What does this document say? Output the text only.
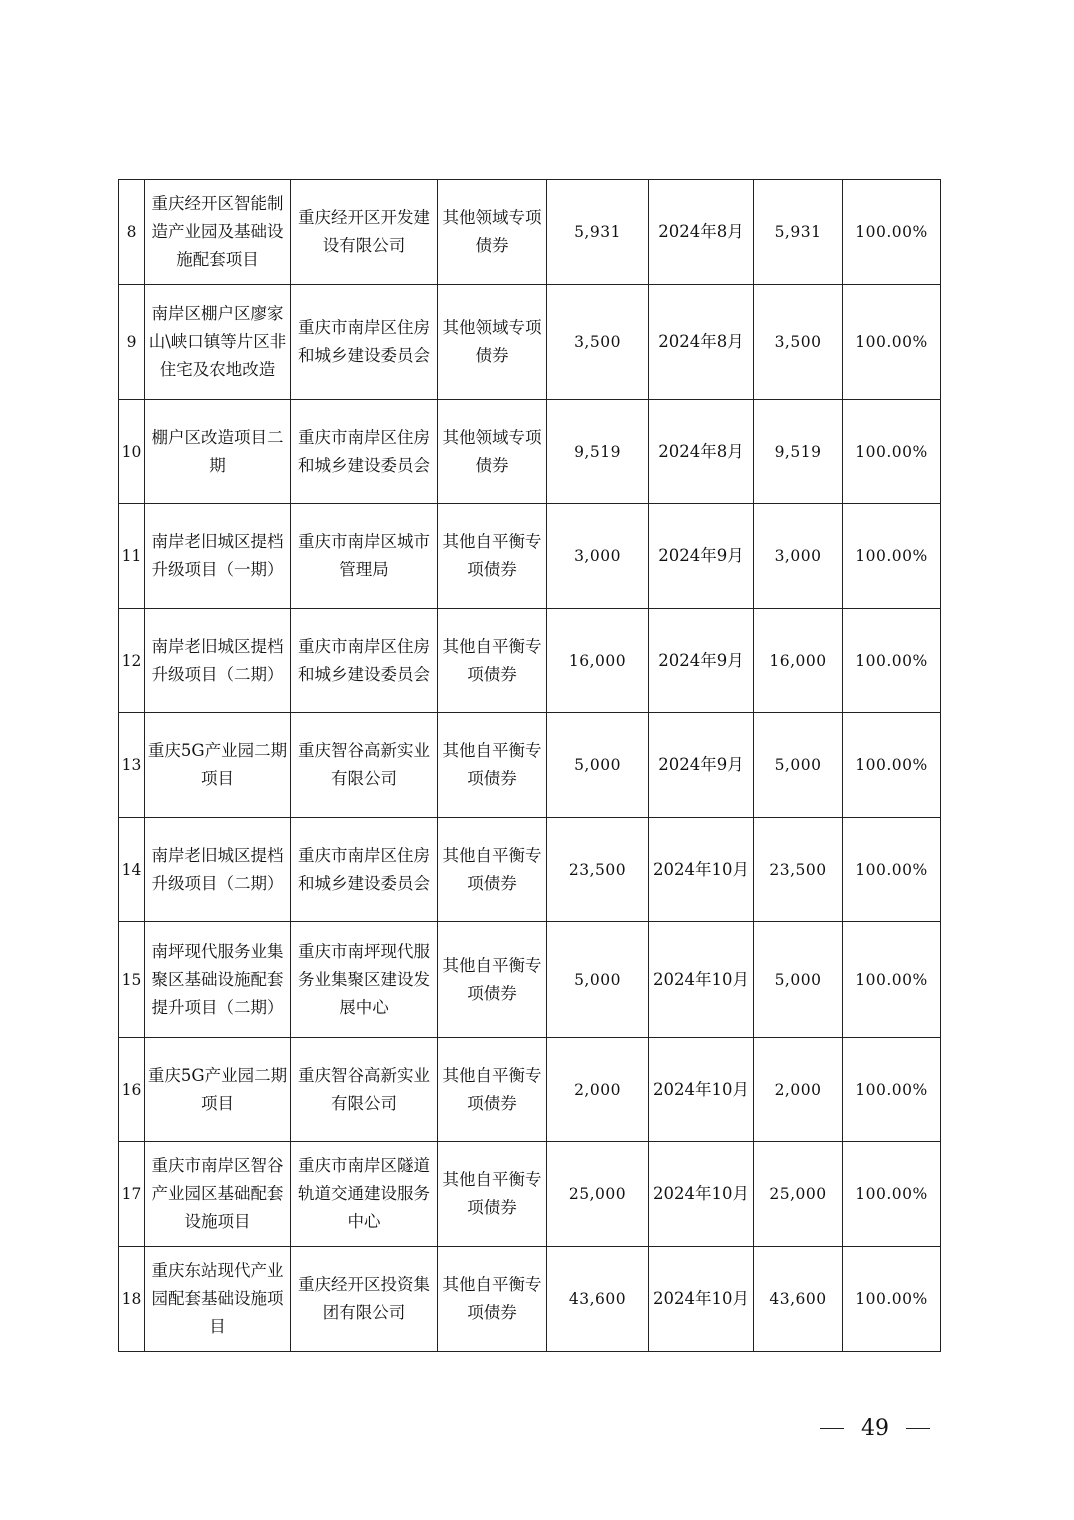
8	重庆经开区智能制造产业园及基础设施配套项目	重庆经开区开发建设有限公司	其他领域专项债券	5,931	2024年8月	5,931	100.00%
9	南岸区棚户区廖家山\峡口镇等片区非住宅及农地改造	重庆市南岸区住房和城乡建设委员会	其他领域专项债券	3,500	2024年8月	3,500	100.00%
10	棚户区改造项目二期	重庆市南岸区住房和城乡建设委员会	其他领域专项债券	9,519	2024年8月	9,519	100.00%
11	南岸老旧城区提档升级项目（一期）	重庆市南岸区城市管理局	其他自平衡专项债券	3,000	2024年9月	3,000	100.00%
12	南岸老旧城区提档升级项目（二期）	重庆市南岸区住房和城乡建设委员会	其他自平衡专项债券	16,000	2024年9月	16,000	100.00%
13	重庆5G产业园二期项目	重庆智谷高新实业有限公司	其他自平衡专项债券	5,000	2024年9月	5,000	100.00%
14	南岸老旧城区提档升级项目（二期）	重庆市南岸区住房和城乡建设委员会	其他自平衡专项债券	23,500	2024年10月	23,500	100.00%
15	南坪现代服务业集聚区基础设施配套提升项目（二期）	重庆市南坪现代服务业集聚区建设发展中心	其他自平衡专项债券	5,000	2024年10月	5,000	100.00%
16	重庆5G产业园二期项目	重庆智谷高新实业有限公司	其他自平衡专项债券	2,000	2024年10月	2,000	100.00%
17	重庆市南岸区智谷产业园区基础配套设施项目	重庆市南岸区隧道轨道交通建设服务中心	其他自平衡专项债券	25,000	2024年10月	25,000	100.00%
18	重庆东站现代产业园配套基础设施项目	重庆经开区投资集团有限公司	其他自平衡专项债券	43,600	2024年10月	43,600	100.00%
49
